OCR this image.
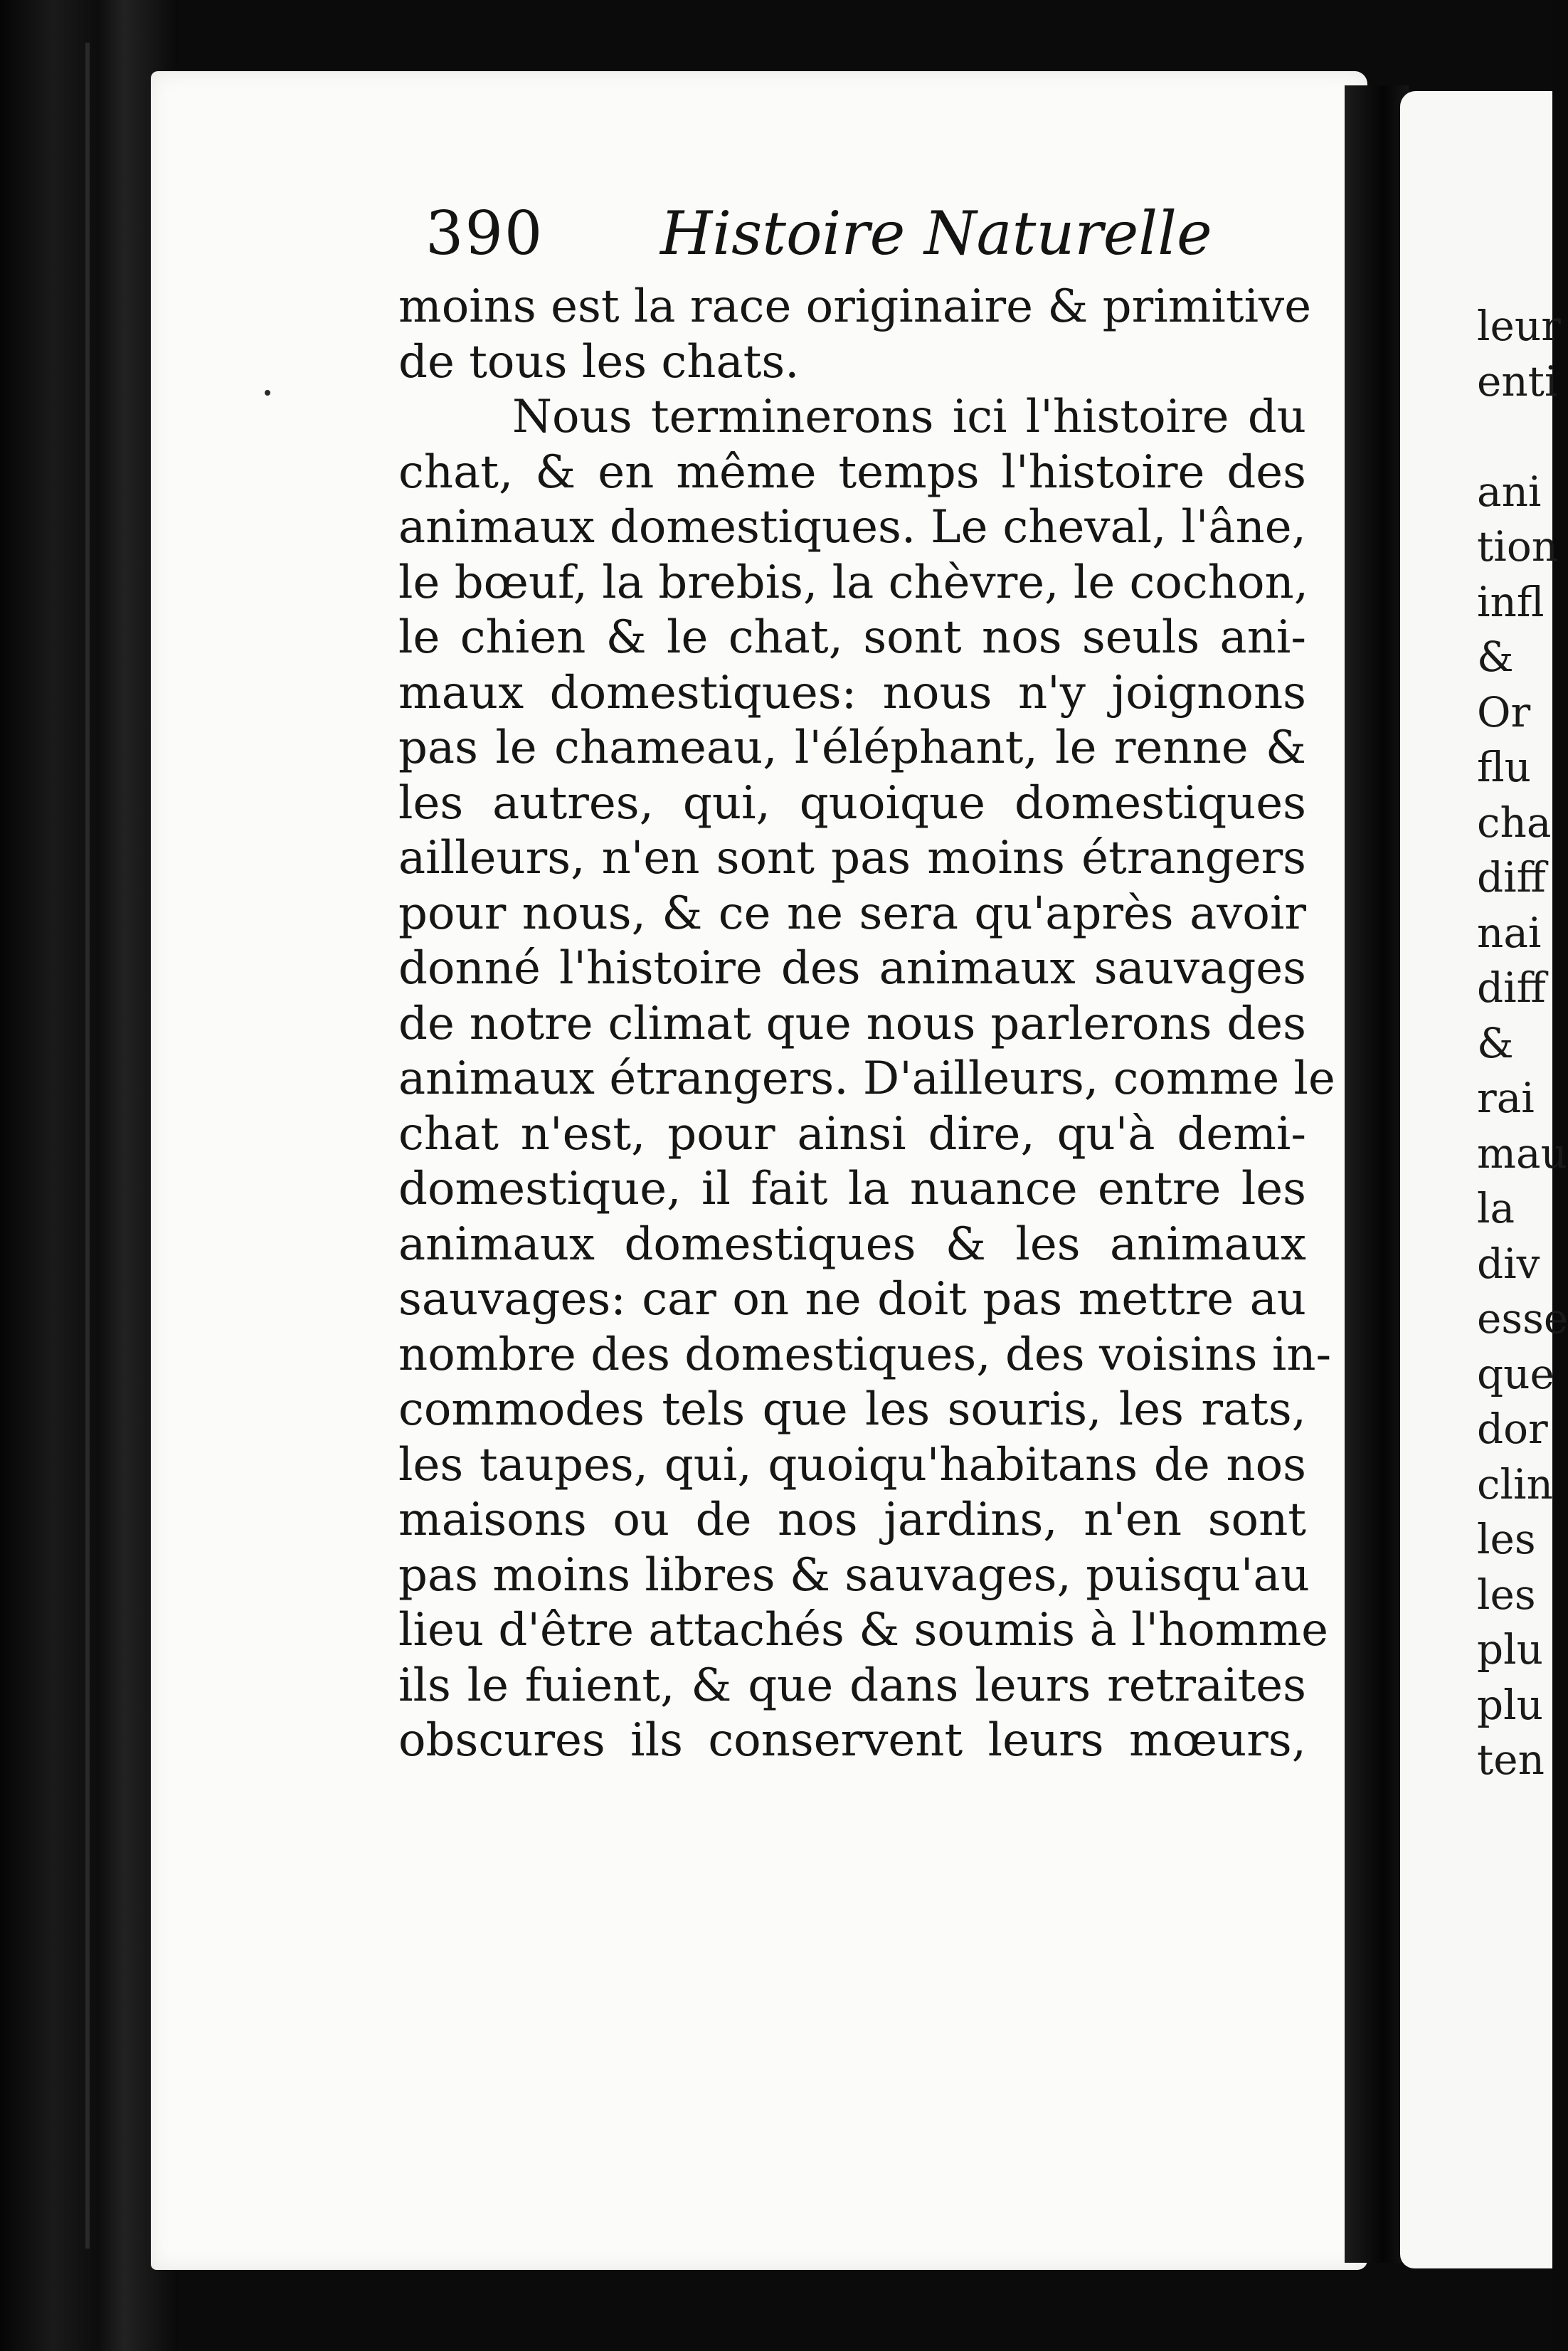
390 Histoire Naturelle
moins est la race originaire & primitive
de tous les chats.
Nous terminerons ici l'histoire du
chat, & en même temps l'histoire des
animaux domestiques. Le cheval, l'âne,
le bœuf, la brebis, la chèvre, le cochon,
le chien & le chat, sont nos seuls ani-
maux domestiques: nous n'y joignons
pas le chameau, l'éléphant, le renne &
les autres, qui, quoique domestiques
ailleurs, n'en sont pas moins étrangers
pour nous, & ce ne sera qu'après avoir
donné l'histoire des animaux sauvages
de notre climat que nous parlerons des
animaux étrangers. D'ailleurs, comme le
chat n'est, pour ainsi dire, qu'à demi-
domestique, il fait la nuance entre les
animaux domestiques & les animaux
sauvages: car on ne doit pas mettre au
nombre des domestiques, des voisins in-
commodes tels que les souris, les rats,
les taupes, qui, quoiqu'habitans de nos
maisons ou de nos jardins, n'en sont
pas moins libres & sauvages, puisqu'au
lieu d'être attachés & soumis à l'homme
ils le fuient, & que dans leurs retraites
obscures ils conservent leurs mœurs,
leur
enti
ani
tion
infl
&
Or
flu
cha
diff
nai
diff
&
rai
mau
la
div
esse
que
dor
clin
les
les
plu
plu
ten
